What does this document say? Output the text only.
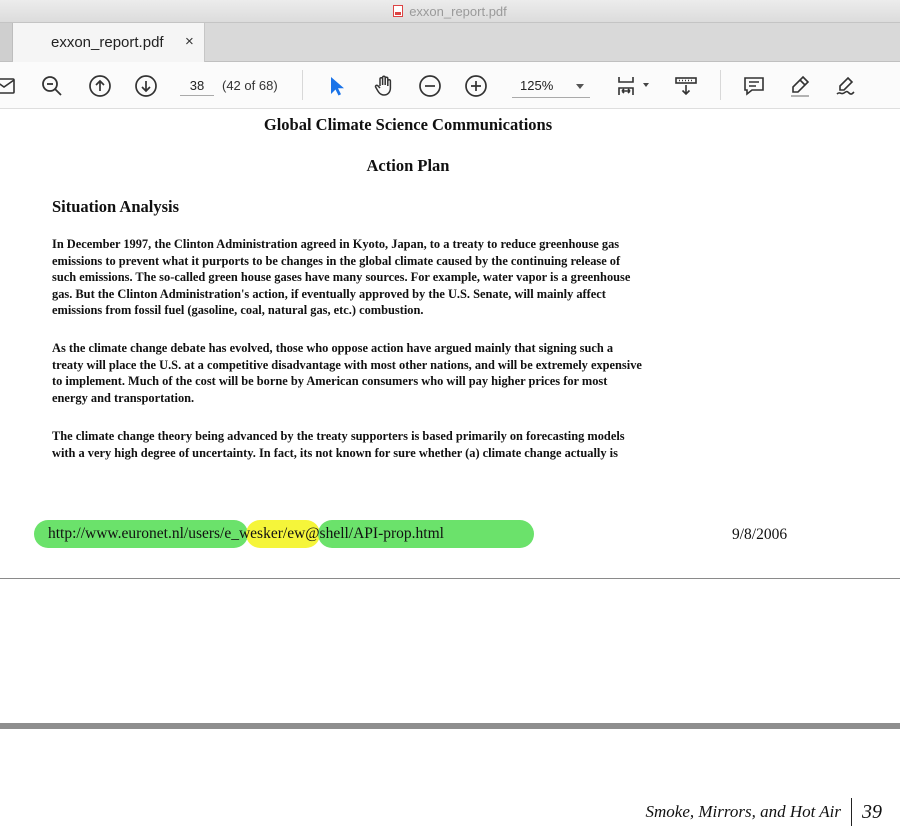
exxon_report.pdf
exxon_report.pdf ×
38
(42 of 68)	125%
Global Climate Science Communications
Action Plan
Situation Analysis

In December 1997, the Clinton Administration agreed in Kyoto, Japan, to a treaty to reduce greenhouse gas
emissions to prevent what it purports to be changes in the global climate caused by the continuing release of
such emissions. The so-called green house gases have many sources. For example, water vapor is a greenhouse
gas. But the Clinton Administration's action, if eventually approved by the U.S. Senate, will mainly affect
emissions from fossil fuel (gasoline, coal, natural gas, etc.) combustion.

As the climate change debate has evolved, those who oppose action have argued mainly that signing such a
treaty will place the U.S. at a competitive disadvantage with most other nations, and will be extremely expensive
to implement. Much of the cost will be borne by American consumers who will pay higher prices for most
energy and transportation.

The climate change theory being advanced by the treaty supporters is based primarily on forecasting models
with a very high degree of uncertainty. In fact, its not known for sure whether (a) climate change actually is

http://www.euronet.nl/users/e_wesker/ew@shell/API-prop.html	9/8/2006
Smoke, Mirrors, and Hot Air	39
